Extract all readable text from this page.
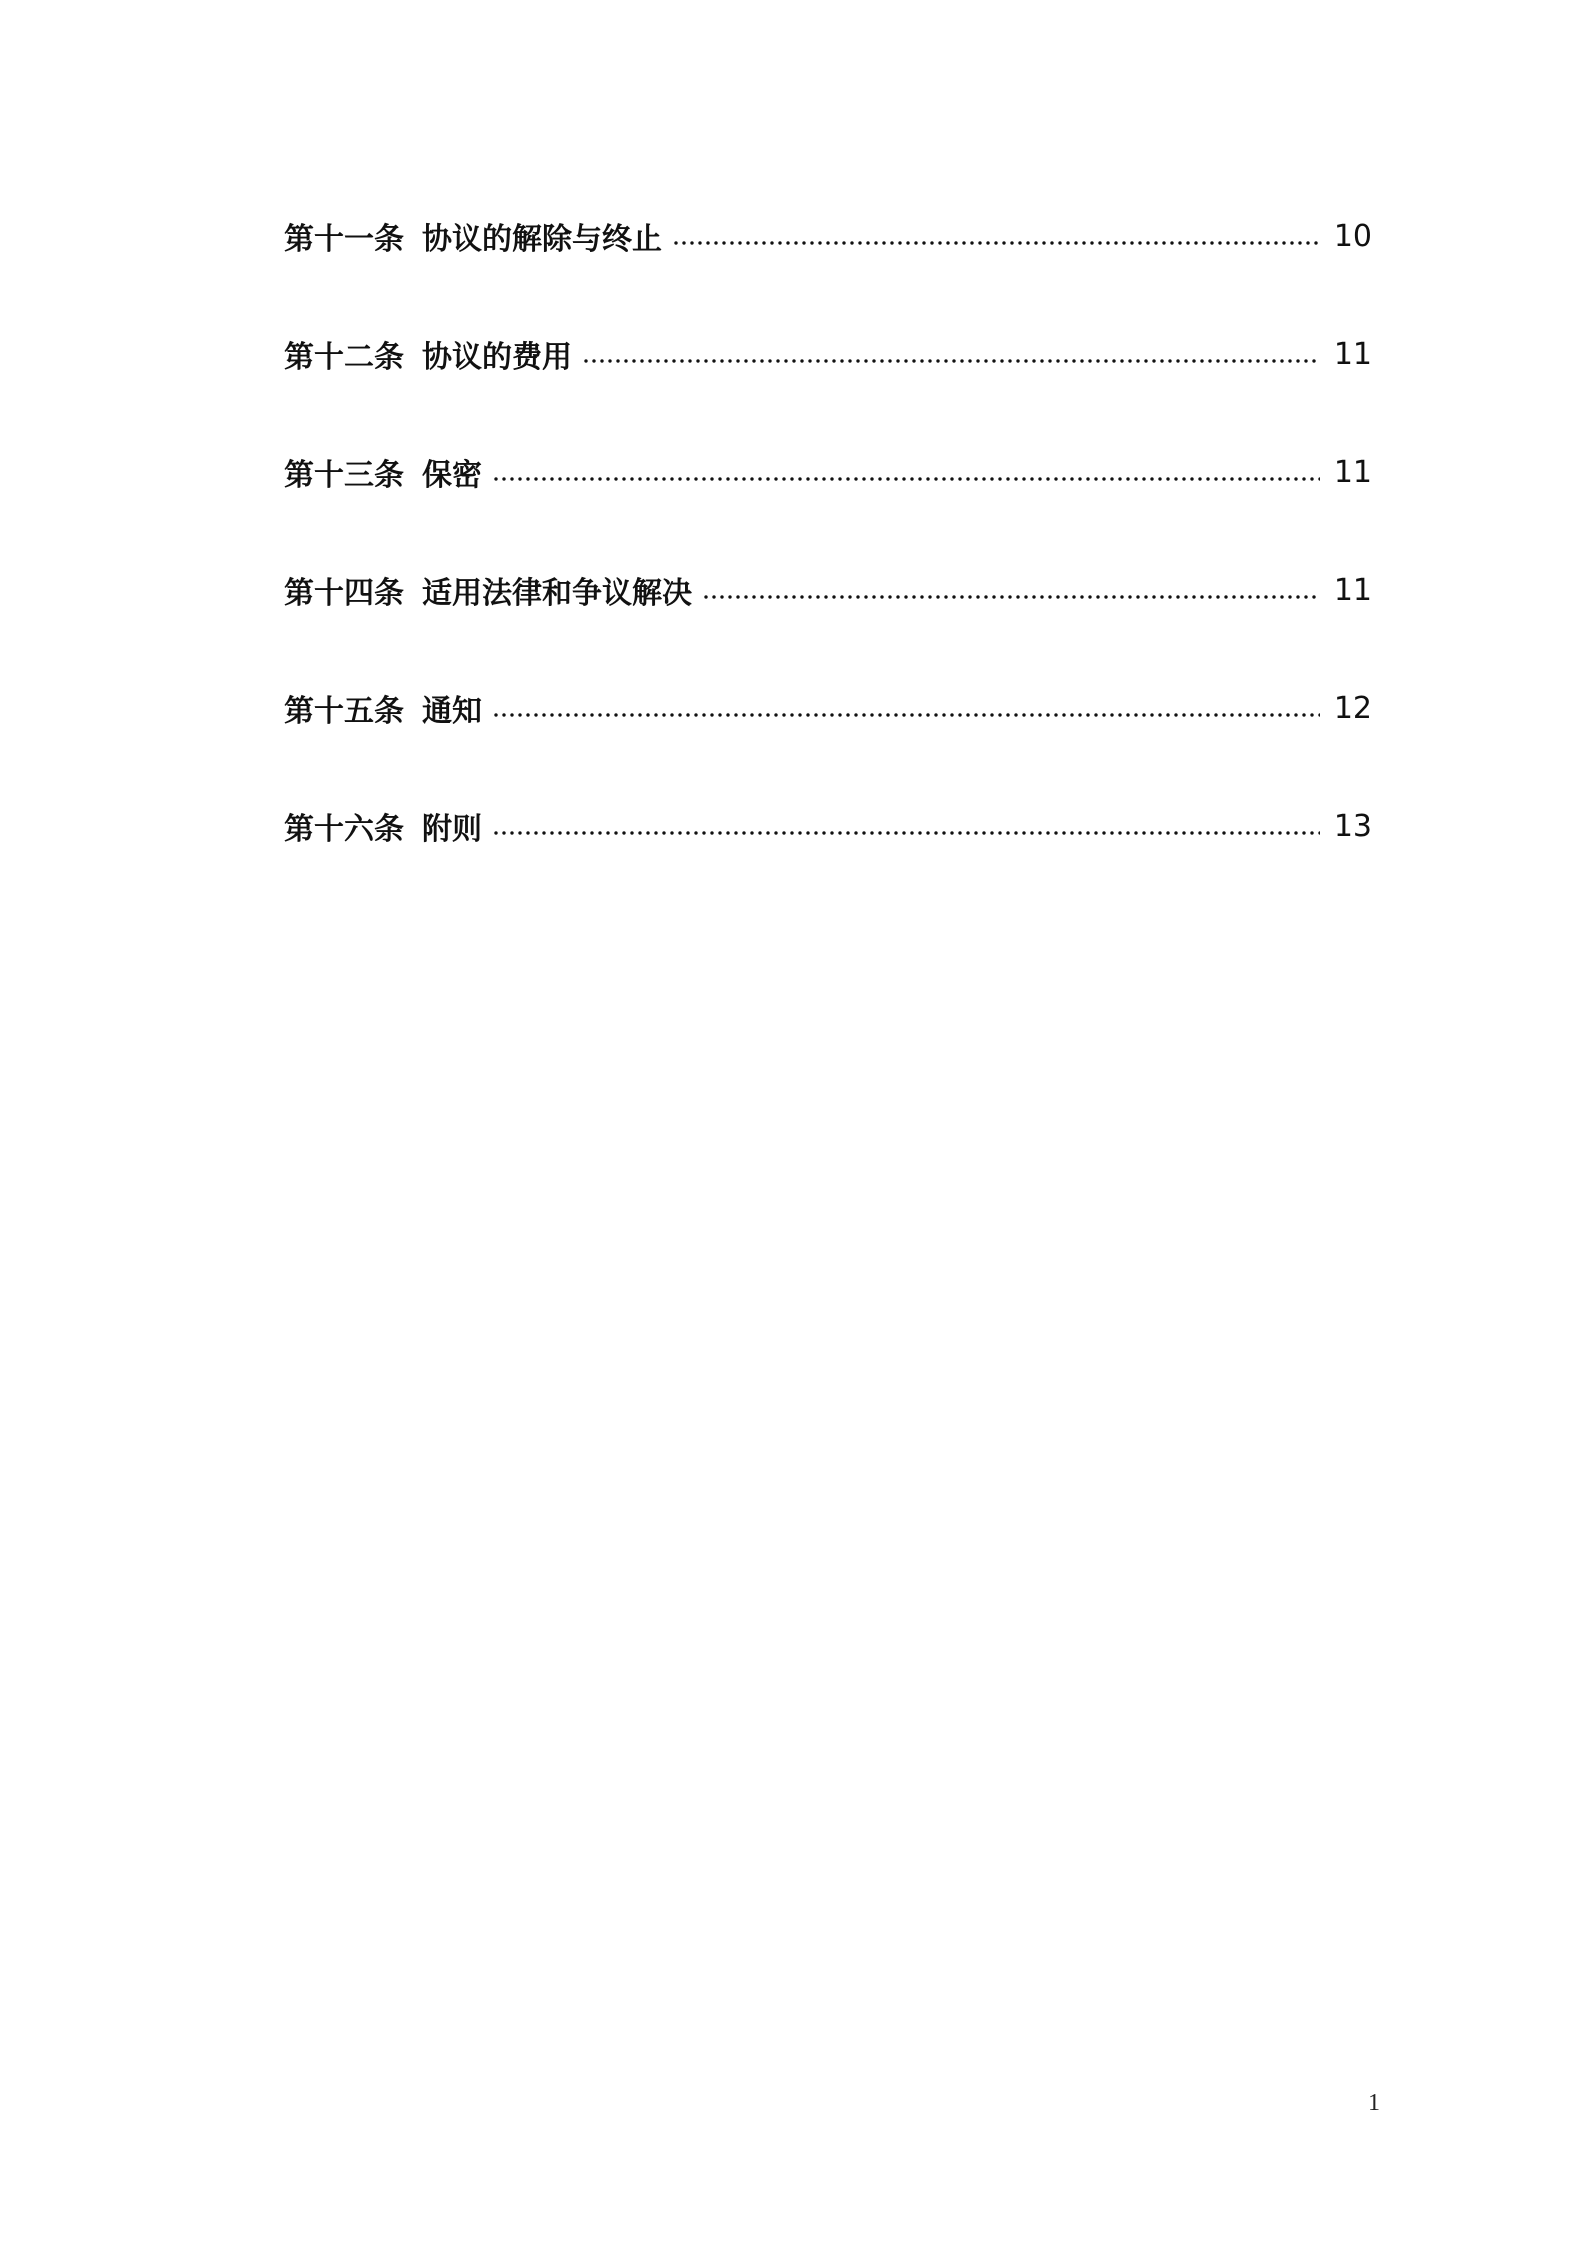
第十一条 协议的解除与终止	10
第十二条 协议的费用	11
第十三条 保密	11
第十四条 适用法律和争议解决	11
第十五条 通知	12
第十六条 附则	13
1
